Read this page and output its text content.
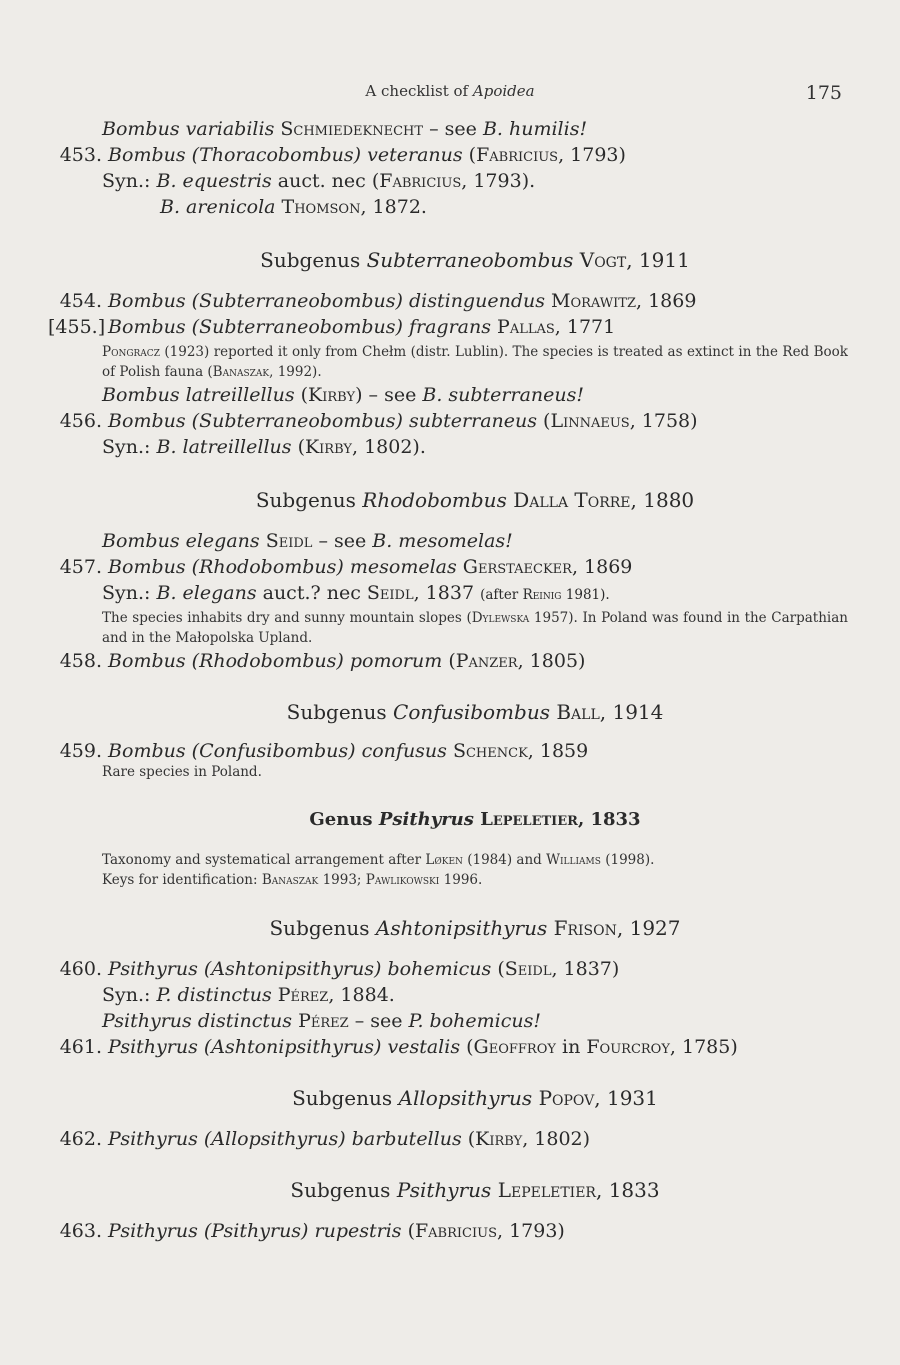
A checklist of Apoidea	175
Bombus variabilis Schmiedeknecht – see B. humilis!
453. Bombus (Thoracobombus) veteranus (Fabricius, 1793)
Syn.: B. equestris auct. nec (Fabricius, 1793).
B. arenicola Thomson, 1872.
Subgenus Subterraneobombus Vogt, 1911
454. Bombus (Subterraneobombus) distinguendus Morawitz, 1869
[455.] Bombus (Subterraneobombus) fragrans Pallas, 1771
Pongracz (1923) reported it only from Chełm (distr. Lublin). The species is treated as extinct in the Red Book of Polish fauna (Banaszak, 1992).
Bombus latreillellus (Kirby) – see B. subterraneus!
456. Bombus (Subterraneobombus) subterraneus (Linnaeus, 1758)
Syn.: B. latreillellus (Kirby, 1802).
Subgenus Rhodobombus Dalla Torre, 1880
Bombus elegans Seidl – see B. mesomelas!
457. Bombus (Rhodobombus) mesomelas Gerstaecker, 1869
Syn.: B. elegans auct.? nec Seidl, 1837 (after Reinig 1981).
The species inhabits dry and sunny mountain slopes (Dylewska 1957). In Poland was found in the Carpathian and in the Małopolska Upland.
458. Bombus (Rhodobombus) pomorum (Panzer, 1805)
Subgenus Confusibombus Ball, 1914
459. Bombus (Confusibombus) confusus Schenck, 1859
Rare species in Poland.
Genus Psithyrus Lepeletier, 1833
Taxonomy and systematical arrangement after Løken (1984) and Williams (1998).
Keys for identification: Banaszak 1993; Pawlikowski 1996.
Subgenus Ashtonipsithyrus Frison, 1927
460. Psithyrus (Ashtonipsithyrus) bohemicus (Seidl, 1837)
Syn.: P. distinctus Pérez, 1884.
Psithyrus distinctus Pérez – see P. bohemicus!
461. Psithyrus (Ashtonipsithyrus) vestalis (Geoffroy in Fourcroy, 1785)
Subgenus Allopsithyrus Popov, 1931
462. Psithyrus (Allopsithyrus) barbutellus (Kirby, 1802)
Subgenus Psithyrus Lepeletier, 1833
463. Psithyrus (Psithyrus) rupestris (Fabricius, 1793)
